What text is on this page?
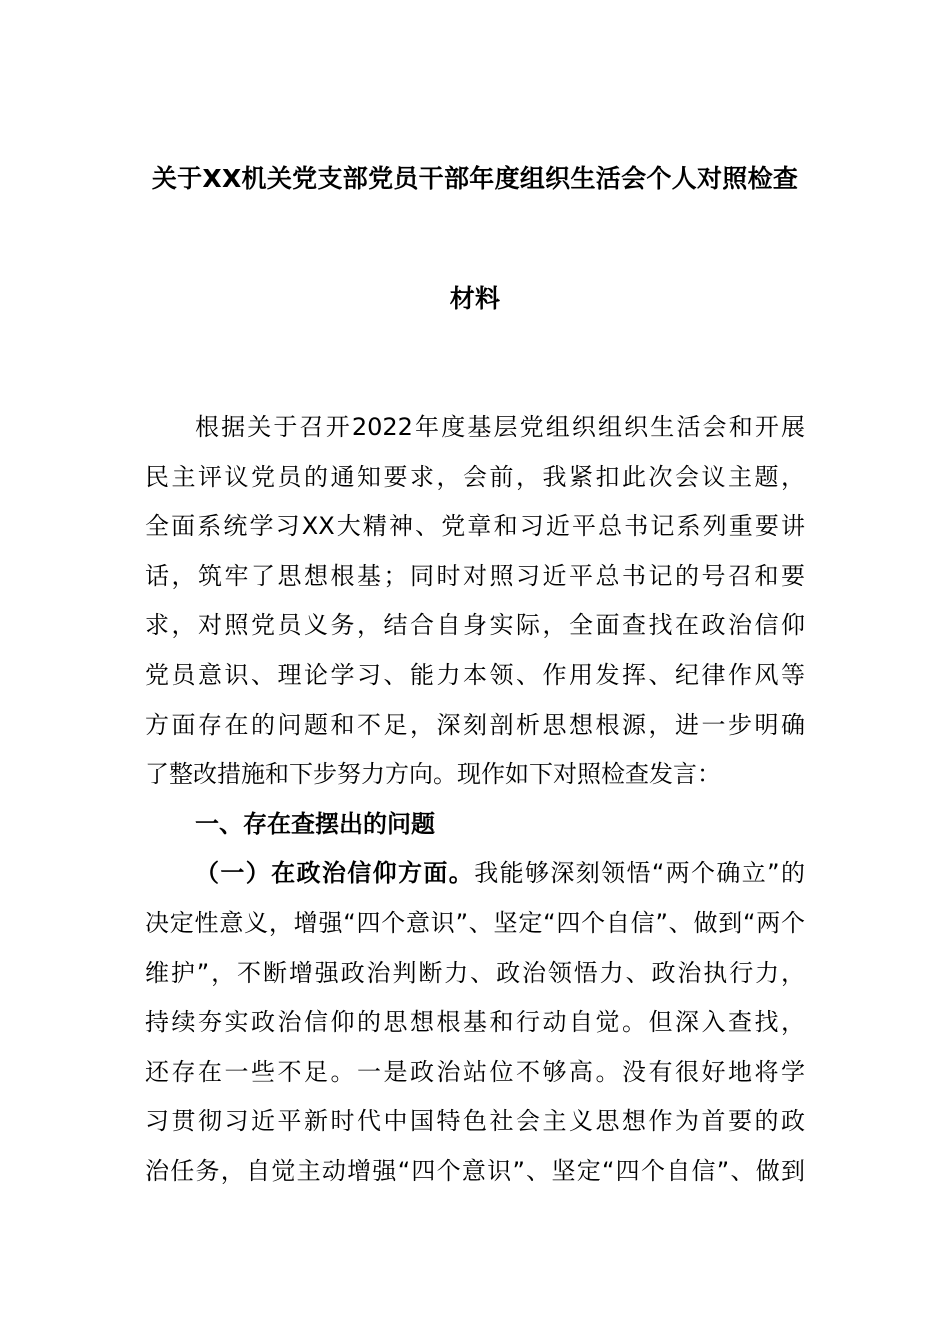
关于XX机关党支部党员干部年度组织生活会个人对照检查
材料
根据关于召开2022年度基层党组织组织生活会和开展
民主评议党员的通知要求，会前，我紧扣此次会议主题，
全面系统学习XX大精神、党章和习近平总书记系列重要讲
话，筑牢了思想根基；同时对照习近平总书记的号召和要
求，对照党员义务，结合自身实际，全面查找在政治信仰
党员意识、理论学习、能力本领、作用发挥、纪律作风等
方面存在的问题和不足，深刻剖析思想根源，进一步明确
了整改措施和下步努力方向。现作如下对照检查发言：
一、存在查摆出的问题
（一）在政治信仰方面。我能够深刻领悟“两个确立”的
决定性意义，增强“四个意识”、坚定“四个自信”、做到“两个
维护”，不断增强政治判断力、政治领悟力、政治执行力，
持续夯实政治信仰的思想根基和行动自觉。但深入查找，
还存在一些不足。一是政治站位不够高。没有很好地将学
习贯彻习近平新时代中国特色社会主义思想作为首要的政
治任务，自觉主动增强“四个意识”、坚定“四个自信”、做到
